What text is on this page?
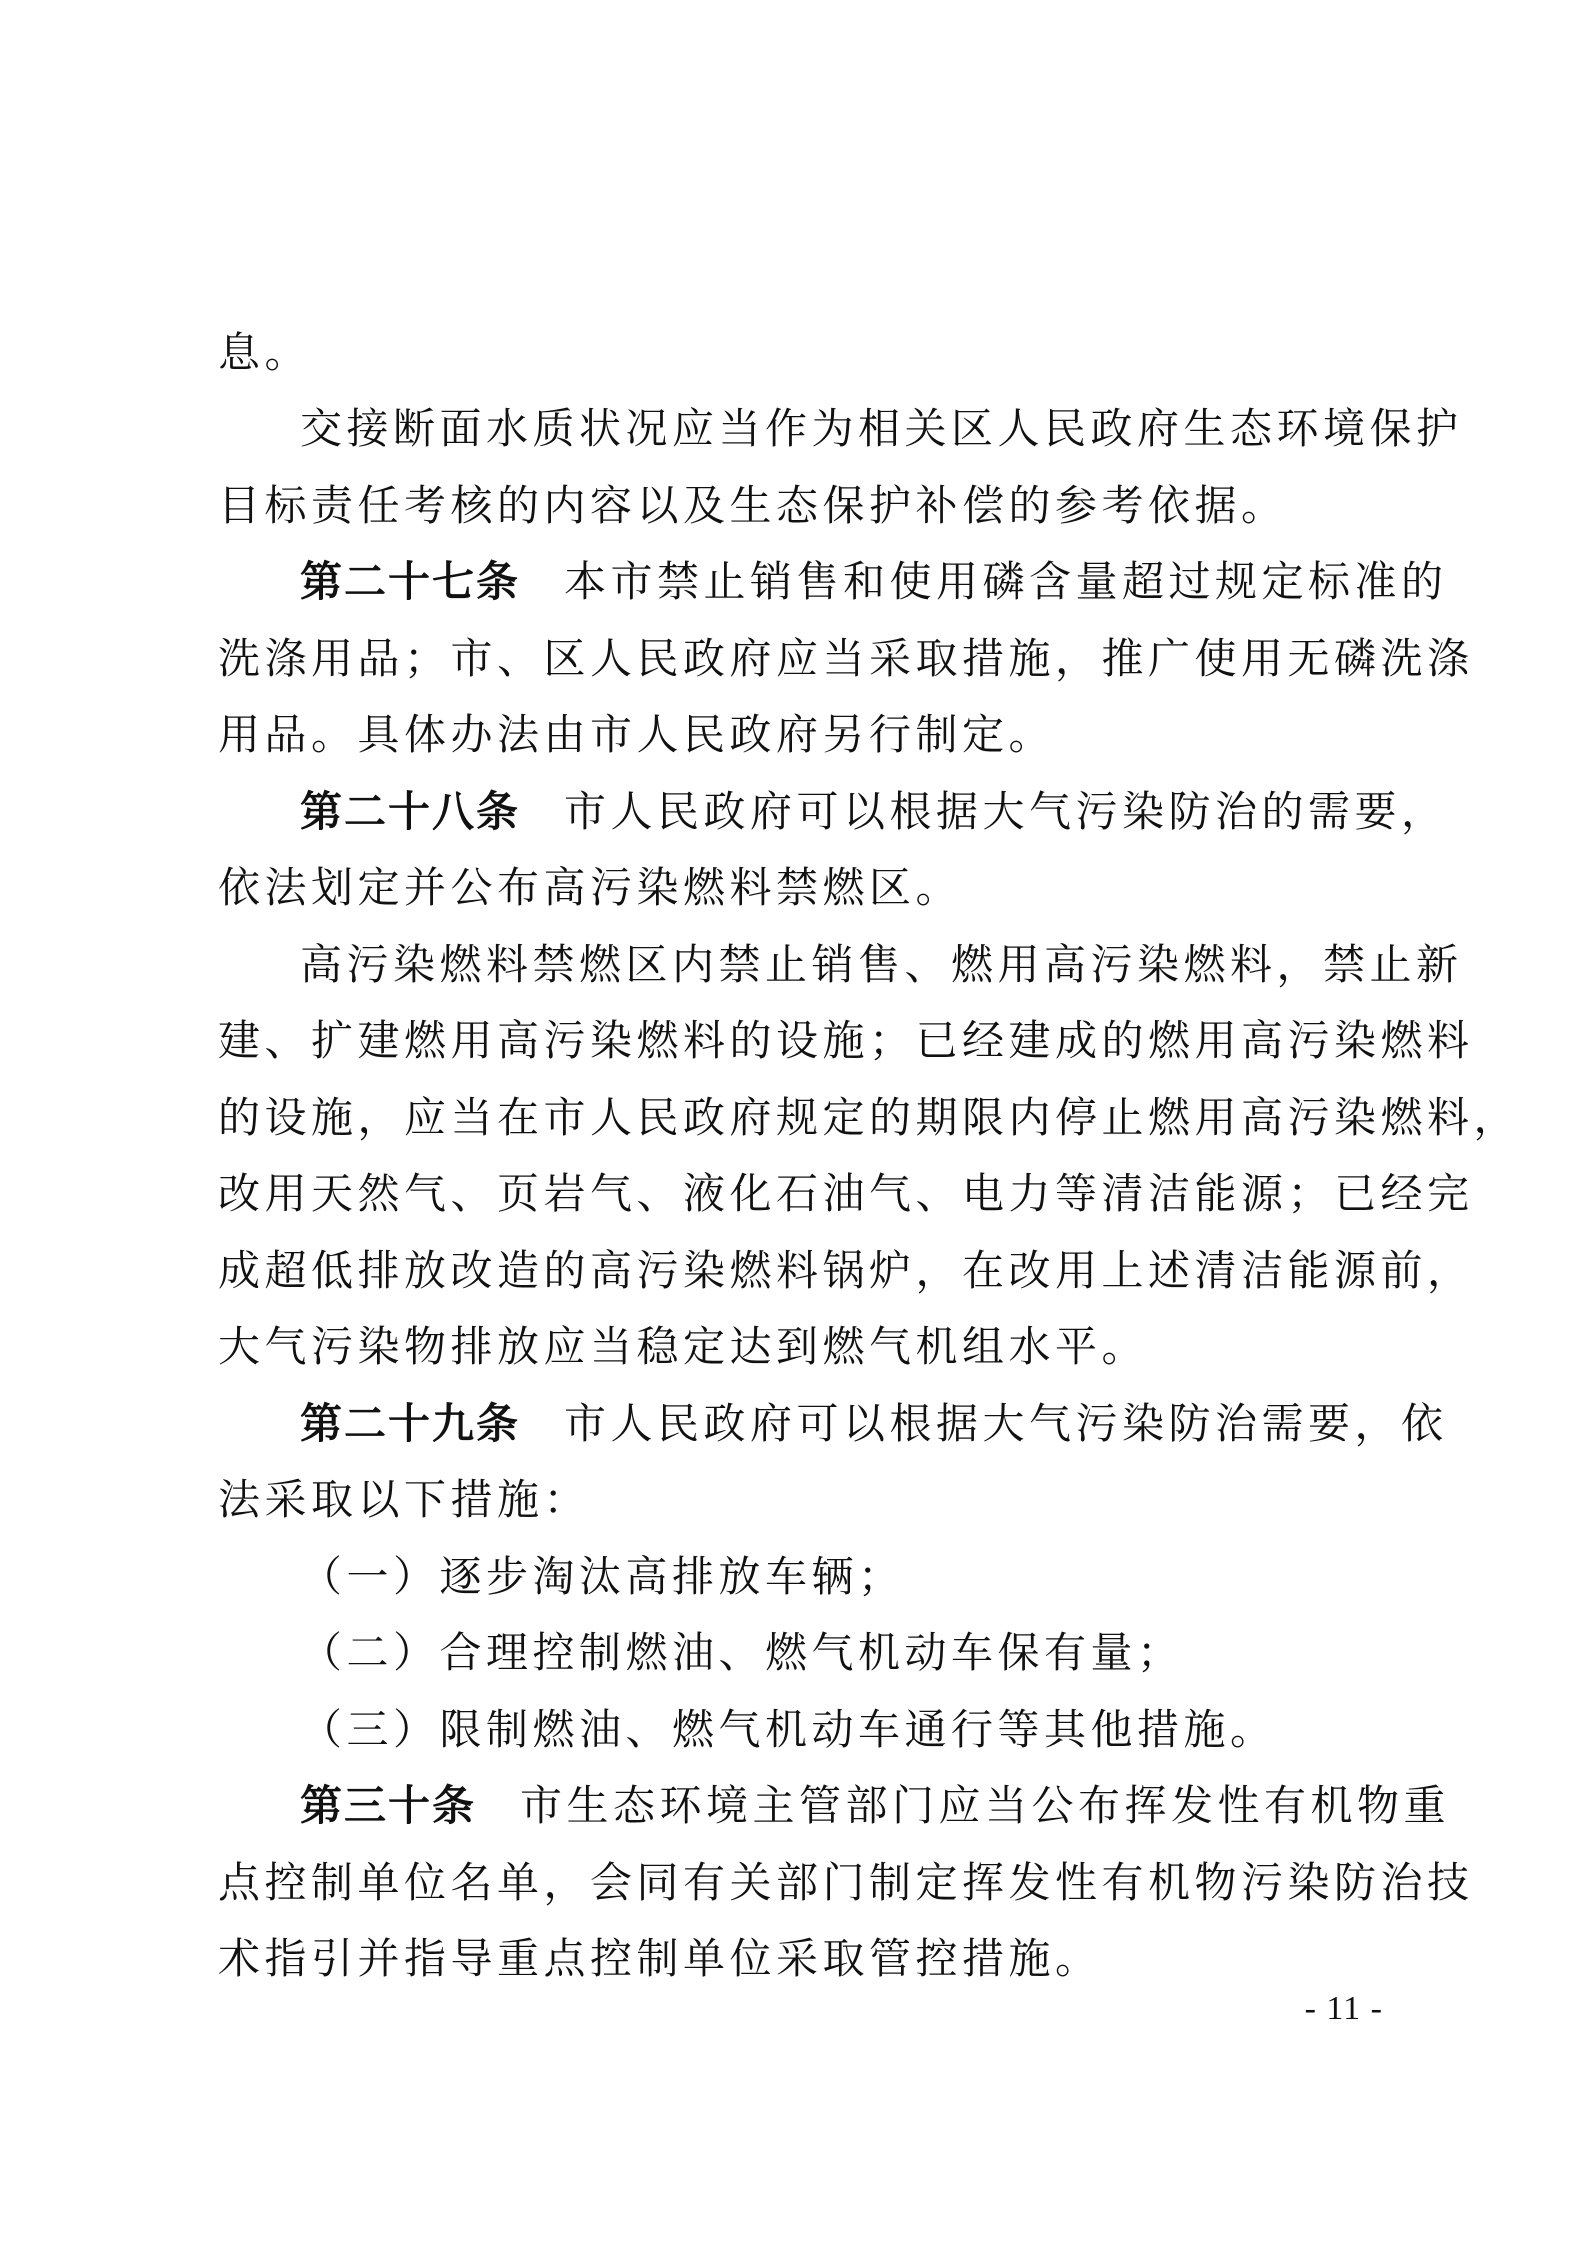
息。

交接断面水质状况应当作为相关区人民政府生态环境保护

目标责任考核的内容以及生态保护补偿的参考依据。

第二十七条 本市禁止销售和使用磷含量超过规定标准的

洗涤用品；市、区人民政府应当采取措施，推广使用无磷洗涤

用品。具体办法由市人民政府另行制定。

第二十八条 市人民政府可以根据大气污染防治的需要，

依法划定并公布高污染燃料禁燃区。

高污染燃料禁燃区内禁止销售、燃用高污染燃料，禁止新

建、扩建燃用高污染燃料的设施；已经建成的燃用高污染燃料

的设施，应当在市人民政府规定的期限内停止燃用高污染燃料，

改用天然气、页岩气、液化石油气、电力等清洁能源；已经完

成超低排放改造的高污染燃料锅炉，在改用上述清洁能源前，

大气污染物排放应当稳定达到燃气机组水平。

第二十九条 市人民政府可以根据大气污染防治需要，依

法采取以下措施：

（一）逐步淘汰高排放车辆；

（二）合理控制燃油、燃气机动车保有量；

（三）限制燃油、燃气机动车通行等其他措施。

第三十条 市生态环境主管部门应当公布挥发性有机物重

点控制单位名单，会同有关部门制定挥发性有机物污染防治技

术指引并指导重点控制单位采取管控措施。

- 11 -
